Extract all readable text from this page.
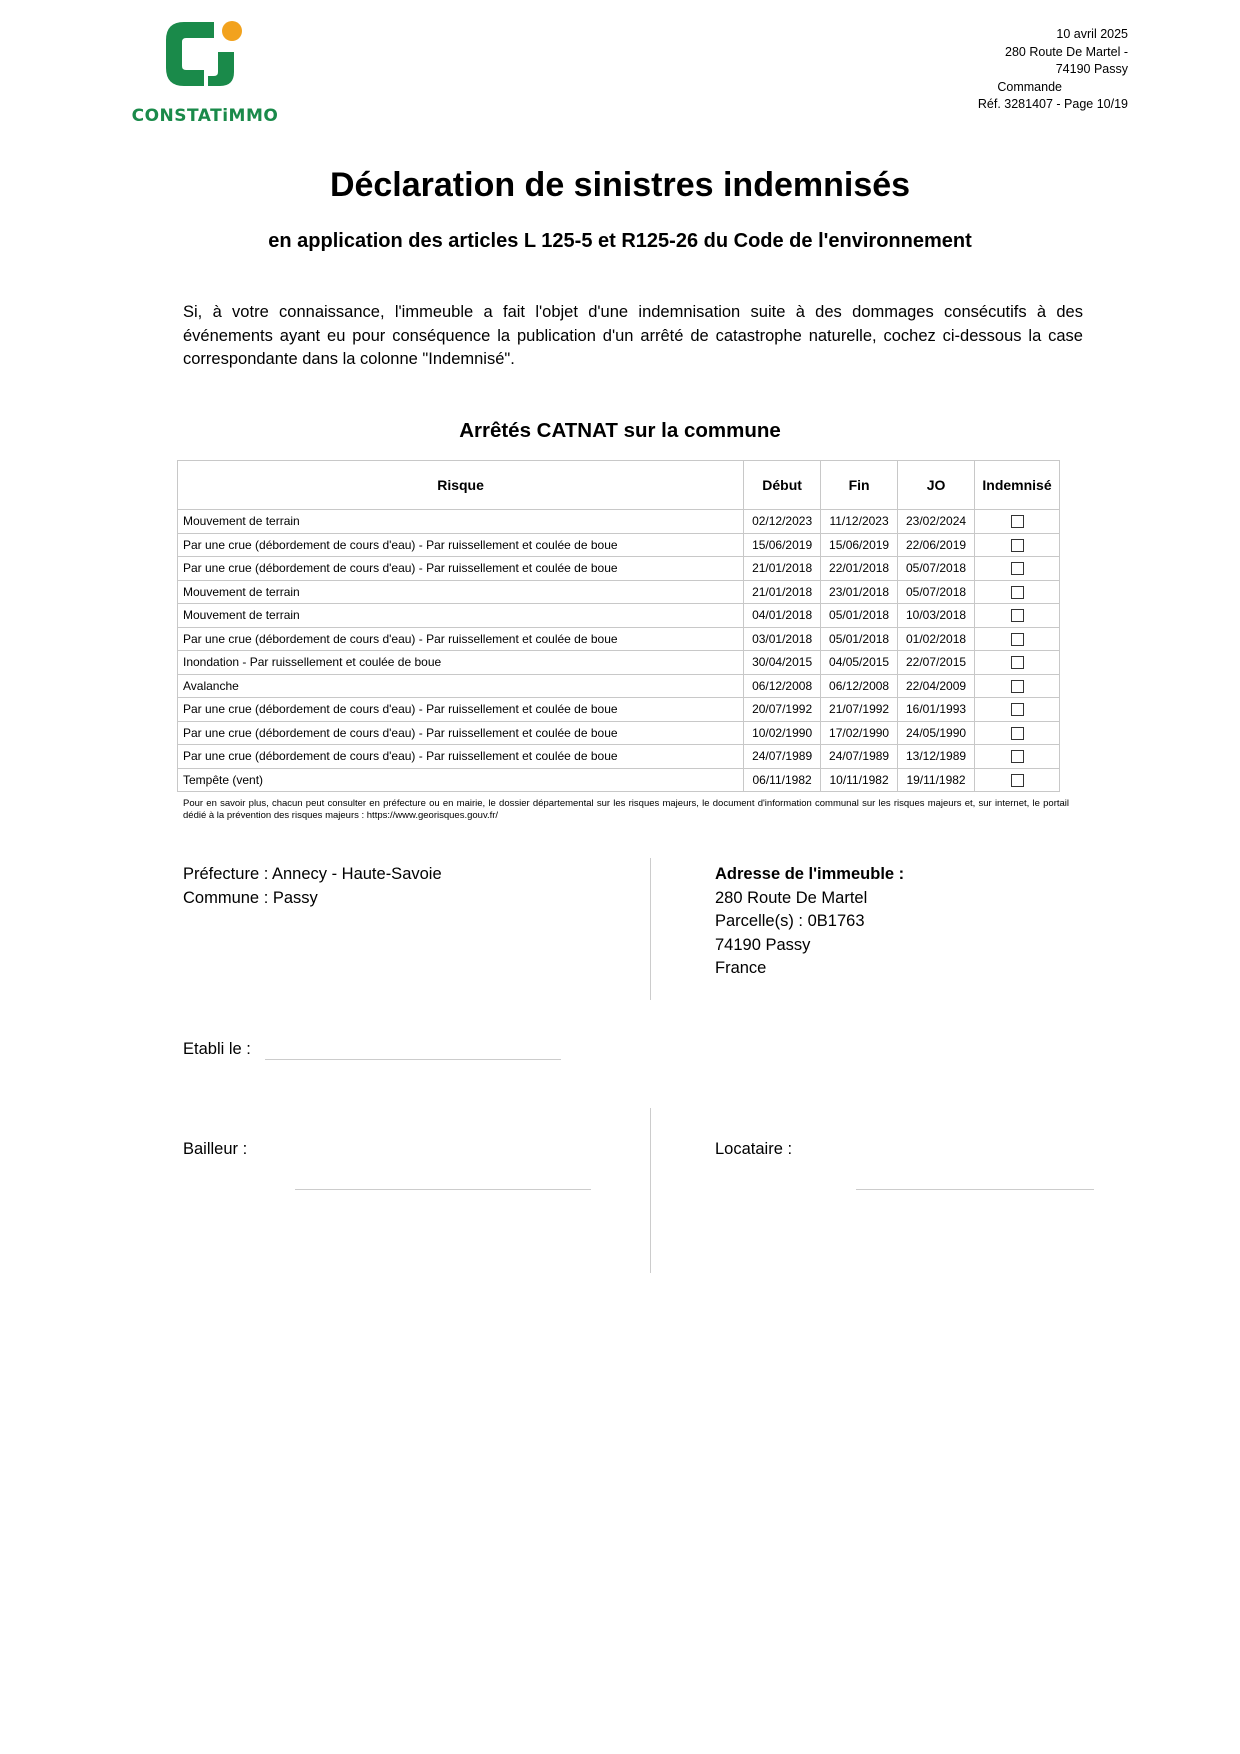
CONSTATiMMO
10 avril 2025
280 Route De Martel -
74190 Passy
Commande
Réf. 3281407 - Page 10/19
Déclaration de sinistres indemnisés
en application des articles L 125-5 et R125-26 du Code de l'environnement
Si, à votre connaissance, l'immeuble a fait l'objet d'une indemnisation suite à des dommages consécutifs à des événements ayant eu pour conséquence la publication d'un arrêté de catastrophe naturelle, cochez ci-dessous la case correspondante dans la colonne "Indemnisé".
Arrêtés CATNAT sur la commune
Risque	Début	Fin	JO	Indemnisé
Mouvement de terrain	02/12/2023	11/12/2023	23/02/2024	
Par une crue (débordement de cours d'eau) - Par ruissellement et coulée de boue	15/06/2019	15/06/2019	22/06/2019	
Par une crue (débordement de cours d'eau) - Par ruissellement et coulée de boue	21/01/2018	22/01/2018	05/07/2018	
Mouvement de terrain	21/01/2018	23/01/2018	05/07/2018	
Mouvement de terrain	04/01/2018	05/01/2018	10/03/2018	
Par une crue (débordement de cours d'eau) - Par ruissellement et coulée de boue	03/01/2018	05/01/2018	01/02/2018	
Inondation - Par ruissellement et coulée de boue	30/04/2015	04/05/2015	22/07/2015	
Avalanche	06/12/2008	06/12/2008	22/04/2009	
Par une crue (débordement de cours d'eau) - Par ruissellement et coulée de boue	20/07/1992	21/07/1992	16/01/1993	
Par une crue (débordement de cours d'eau) - Par ruissellement et coulée de boue	10/02/1990	17/02/1990	24/05/1990	
Par une crue (débordement de cours d'eau) - Par ruissellement et coulée de boue	24/07/1989	24/07/1989	13/12/1989	
Tempête (vent)	06/11/1982	10/11/1982	19/11/1982	
Pour en savoir plus, chacun peut consulter en préfecture ou en mairie, le dossier départemental sur les risques majeurs, le document d'information communal sur les risques majeurs et, sur internet, le portail dédié à la prévention des risques majeurs : https://www.georisques.gouv.fr/
Préfecture : Annecy - Haute-Savoie
Commune : Passy
Adresse de l'immeuble :
280 Route De Martel
Parcelle(s) : 0B1763
74190 Passy
France
Etabli le :
Bailleur :	Locataire :
